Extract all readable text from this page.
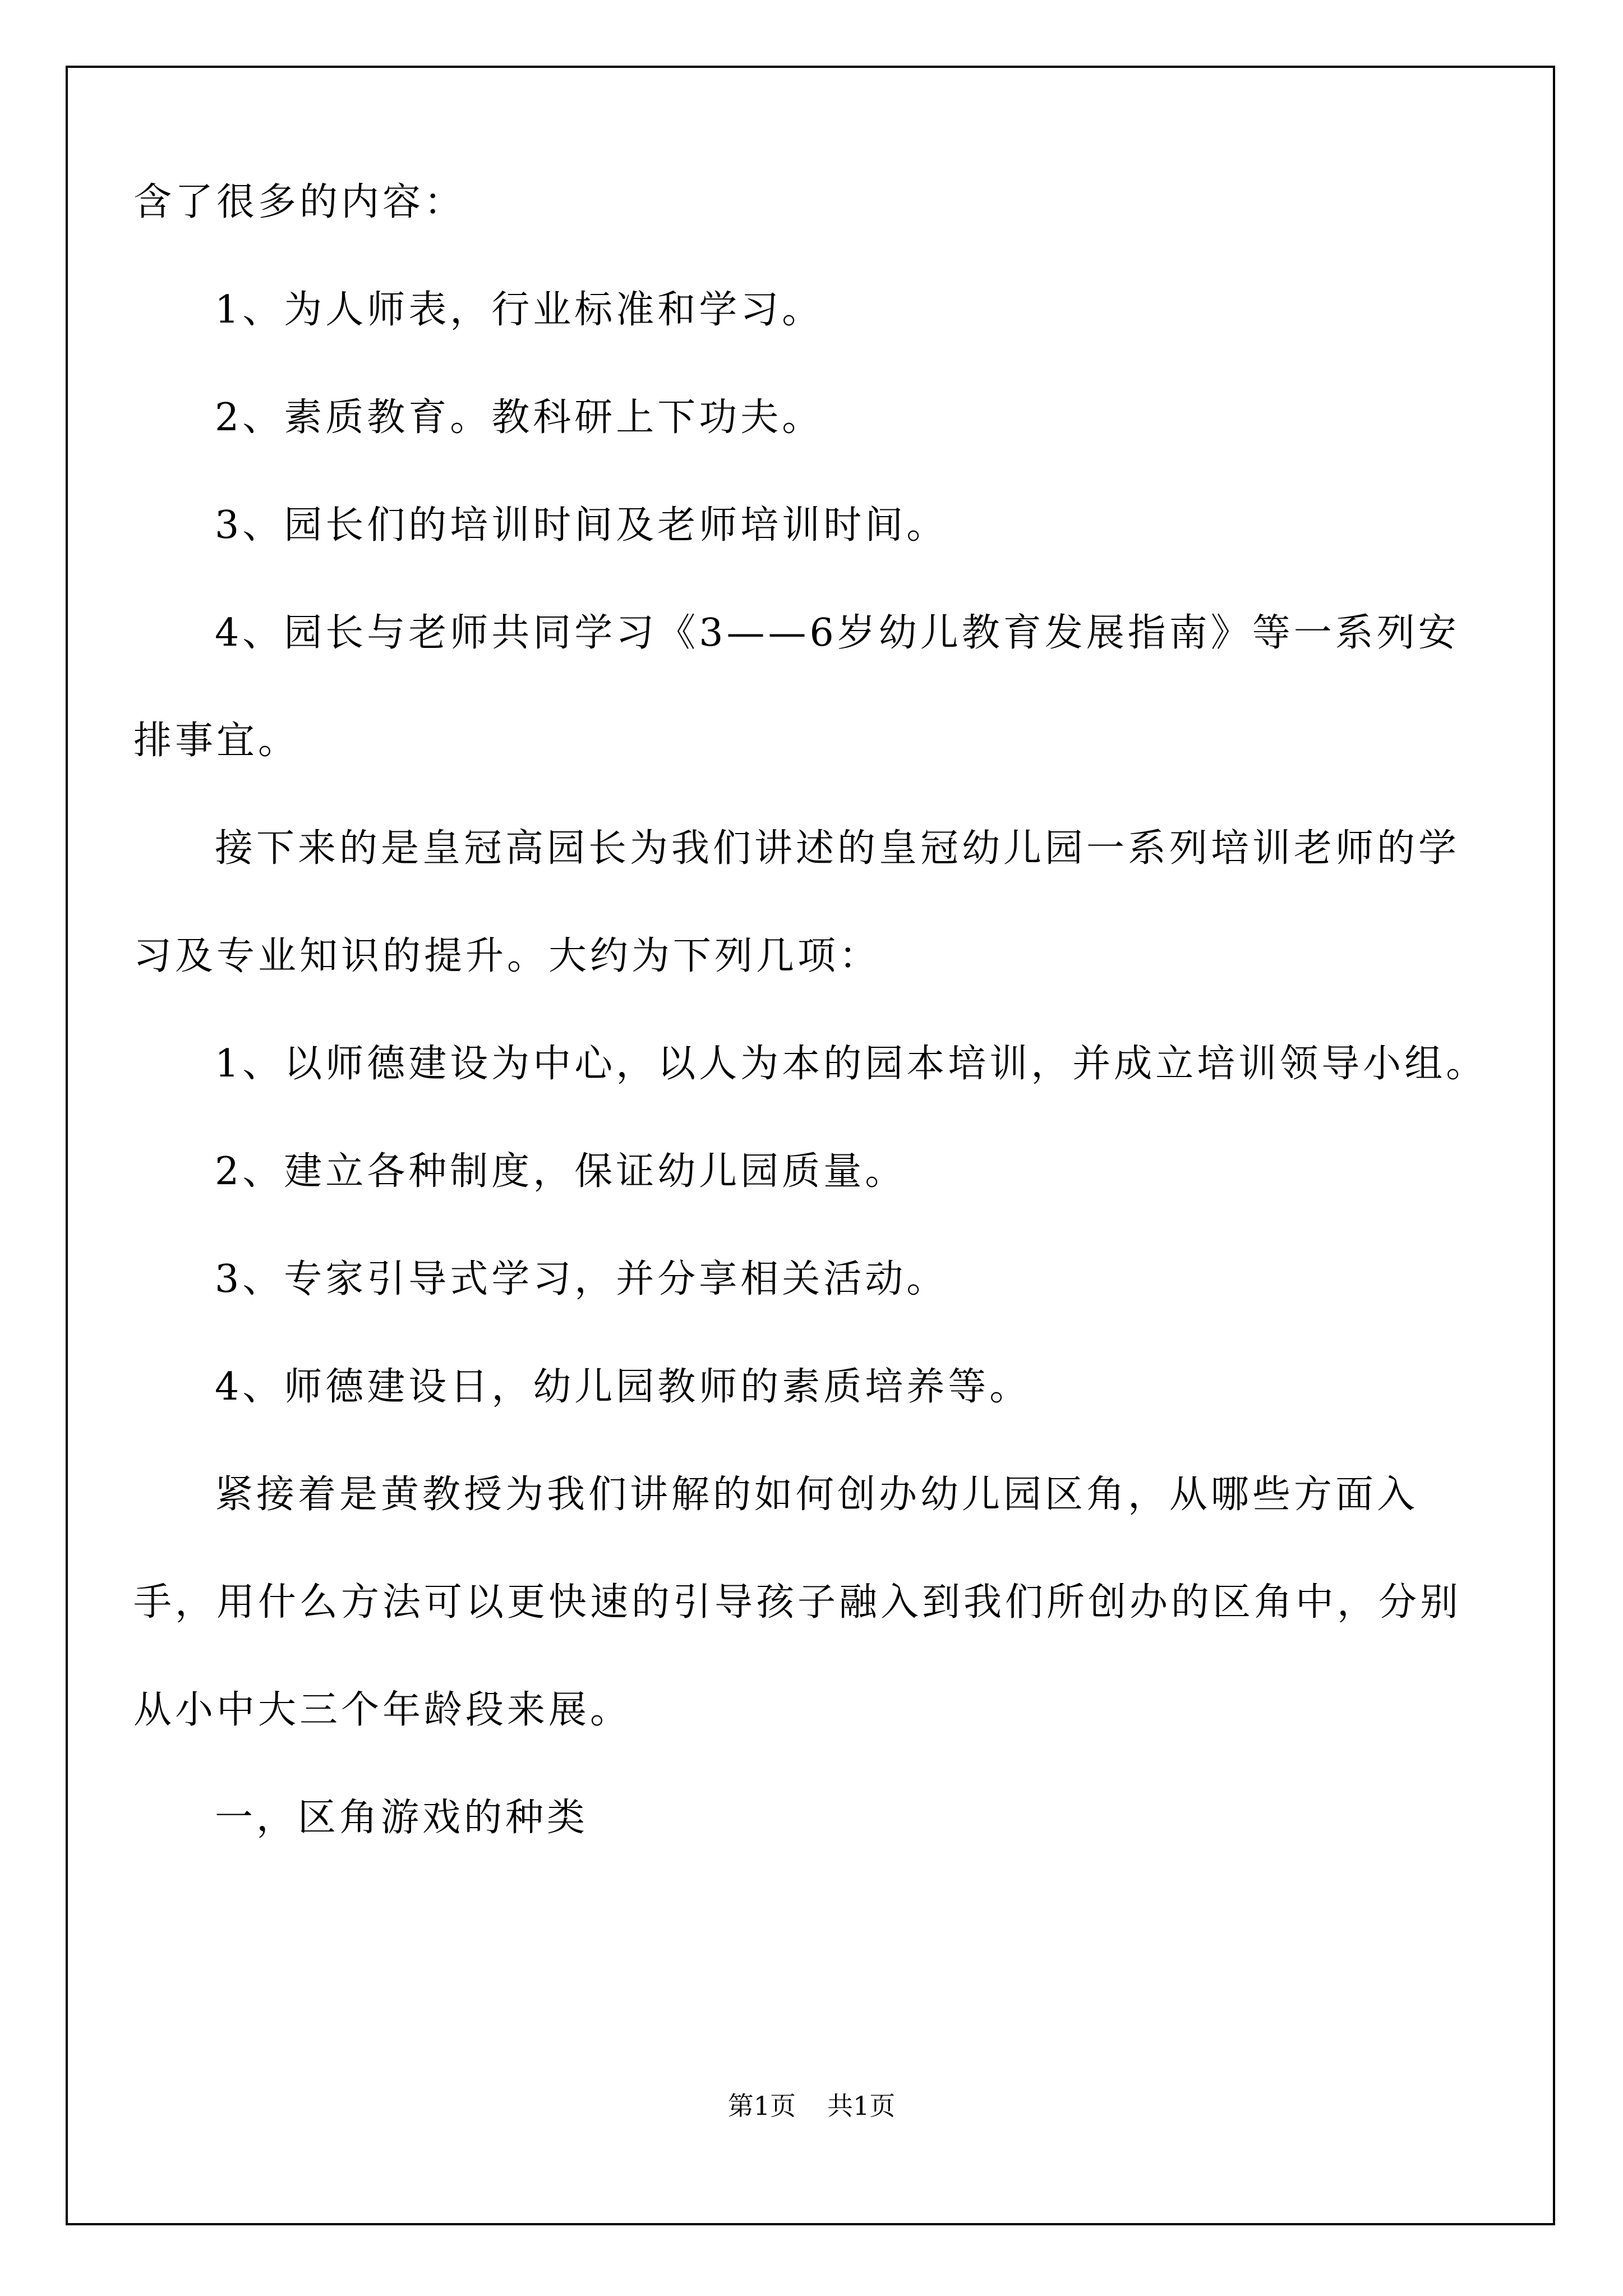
含了很多的内容：

1、为人师表，行业标准和学习。

2、素质教育。教科研上下功夫。

3、园长们的培训时间及老师培训时间。

4、园长与老师共同学习《3——6岁幼儿教育发展指南》等一系列安排事宜。

接下来的是皇冠高园长为我们讲述的皇冠幼儿园一系列培训老师的学习及专业知识的提升。大约为下列几项：

1、以师德建设为中心，以人为本的园本培训，并成立培训领导小组。

2、建立各种制度，保证幼儿园质量。

3、专家引导式学习，并分享相关活动。

4、师德建设日，幼儿园教师的素质培养等。

紧接着是黄教授为我们讲解的如何创办幼儿园区角，从哪些方面入手，用什么方法可以更快速的引导孩子融入到我们所创办的区角中，分别从小中大三个年龄段来展。

一，区角游戏的种类

第1页 共1页
